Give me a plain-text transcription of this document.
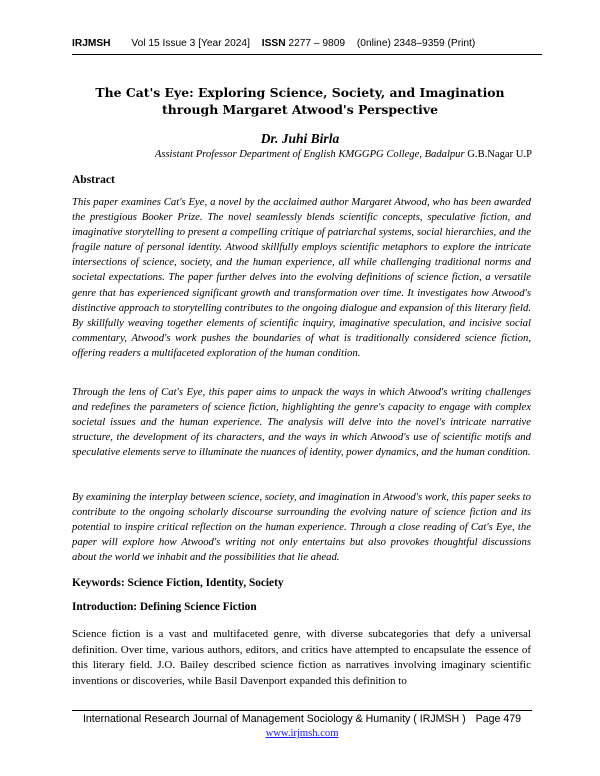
IRJMSH Vol 15 Issue 3 [Year 2024] ISSN 2277 – 9809 (0nline) 2348–9359 (Print)
The Cat's Eye: Exploring Science, Society, and Imagination through Margaret Atwood's Perspective
Dr. Juhi Birla
Assistant Professor Department of English KMGGPG College, Badalpur G.B.Nagar U.P
Abstract

This paper examines Cat's Eye, a novel by the acclaimed author Margaret Atwood, who has been awarded the prestigious Booker Prize. The novel seamlessly blends scientific concepts, speculative fiction, and imaginative storytelling to present a compelling critique of patriarchal systems, social hierarchies, and the fragile nature of personal identity. Atwood skillfully employs scientific metaphors to explore the intricate intersections of science, society, and the human experience, all while challenging traditional norms and societal expectations. The paper further delves into the evolving definitions of science fiction, a versatile genre that has experienced significant growth and transformation over time. It investigates how Atwood's distinctive approach to storytelling contributes to the ongoing dialogue and expansion of this literary field. By skillfully weaving together elements of scientific inquiry, imaginative speculation, and incisive social commentary, Atwood's work pushes the boundaries of what is traditionally considered science fiction, offering readers a multifaceted exploration of the human condition.

Through the lens of Cat's Eye, this paper aims to unpack the ways in which Atwood's writing challenges and redefines the parameters of science fiction, highlighting the genre's capacity to engage with complex societal issues and the human experience. The analysis will delve into the novel's intricate narrative structure, the development of its characters, and the ways in which Atwood's use of scientific motifs and speculative elements serve to illuminate the nuances of identity, power dynamics, and the human condition.

By examining the interplay between science, society, and imagination in Atwood's work, this paper seeks to contribute to the ongoing scholarly discourse surrounding the evolving nature of science fiction and its potential to inspire critical reflection on the human experience. Through a close reading of Cat's Eye, the paper will explore how Atwood's writing not only entertains but also provokes thoughtful discussions about the world we inhabit and the possibilities that lie ahead.

Keywords: Science Fiction, Identity, Society
Introduction: Defining Science Fiction

Science fiction is a vast and multifaceted genre, with diverse subcategories that defy a universal definition. Over time, various authors, editors, and critics have attempted to encapsulate the essence of this literary field. J.O. Bailey described science fiction as narratives involving imaginary scientific inventions or discoveries, while Basil Davenport expanded this definition to

International Research Journal of Management Sociology & Humanity ( IRJMSH ) Page 479
www.irjmsh.com
